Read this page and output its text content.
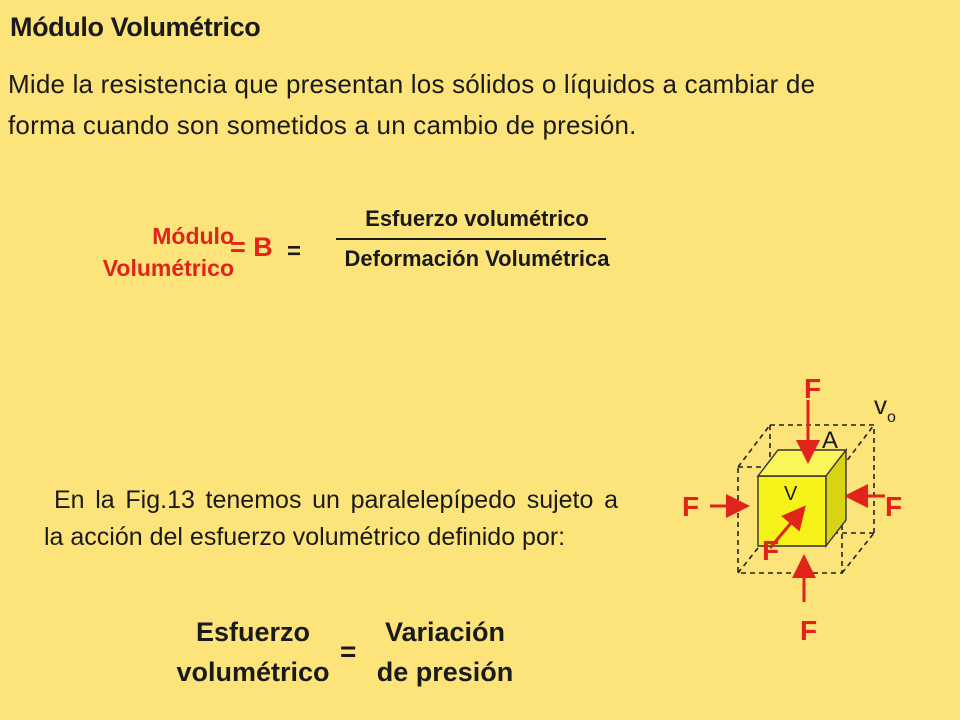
Módulo Volumétrico
Mide la resistencia que presentan los sólidos o líquidos a cambiar de forma cuando son sometidos a un cambio de presión.
Módulo
Volumétrico
= B =
Esfuerzo volumétrico
Deformación Volumétrica
En la Fig.13 tenemos un paralelepípedo sujeto a la acción del esfuerzo volumétrico definido por:
Esfuerzo
volumétrico
=
Variación
de presión
F
F
F	F
F
$v_o$
A
V
